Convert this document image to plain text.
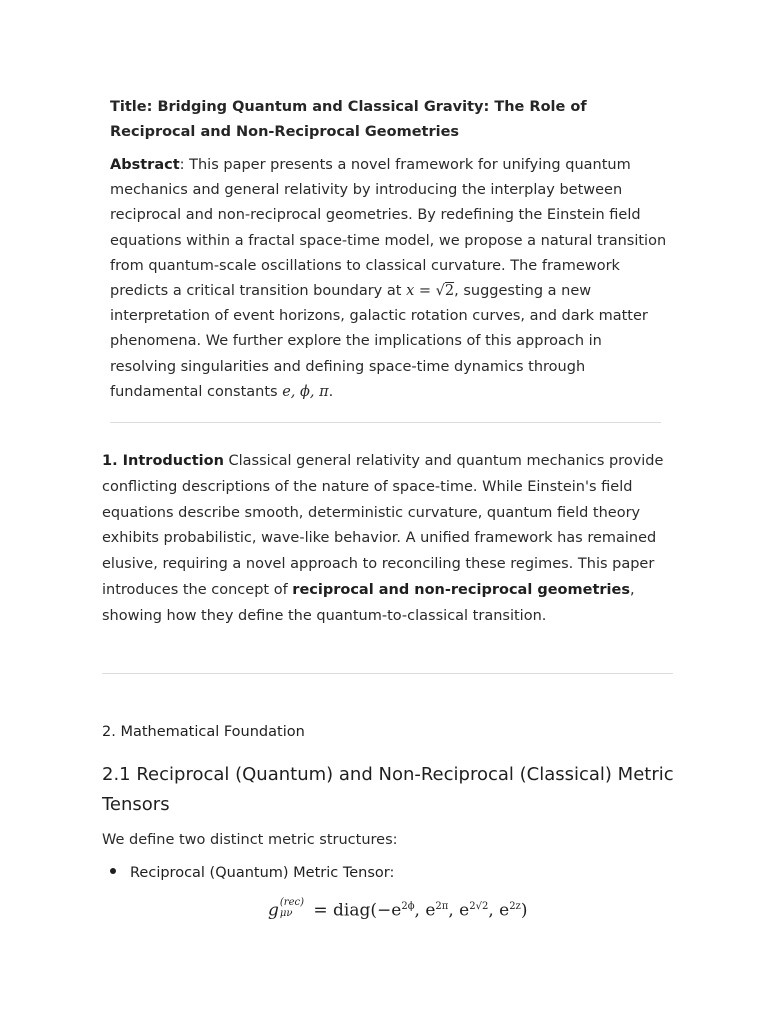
Title: Bridging Quantum and Classical Gravity: The Role of Reciprocal and Non-Reciprocal Geometries
Abstract: This paper presents a novel framework for unifying quantum mechanics and general relativity by introducing the interplay between reciprocal and non-reciprocal geometries. By redefining the Einstein field equations within a fractal space-time model, we propose a natural transition from quantum-scale oscillations to classical curvature. The framework predicts a critical transition boundary at x = √2, suggesting a new interpretation of event horizons, galactic rotation curves, and dark matter phenomena. We further explore the implications of this approach in resolving singularities and defining space-time dynamics through fundamental constants e, ϕ, π.
1. Introduction Classical general relativity and quantum mechanics provide conflicting descriptions of the nature of space-time. While Einstein's field equations describe smooth, deterministic curvature, quantum field theory exhibits probabilistic, wave-like behavior. A unified framework has remained elusive, requiring a novel approach to reconciling these regimes. This paper introduces the concept of reciprocal and non-reciprocal geometries, showing how they define the quantum-to-classical transition.
2. Mathematical Foundation
2.1 Reciprocal (Quantum) and Non-Reciprocal (Classical) Metric Tensors
We define two distinct metric structures:
Reciprocal (Quantum) Metric Tensor:
g (rec)
$\mu\nu = diag(-e^{2\phi}$, $e^{2\pi}$, $e^{2√2}$, $e^{2z}$)
